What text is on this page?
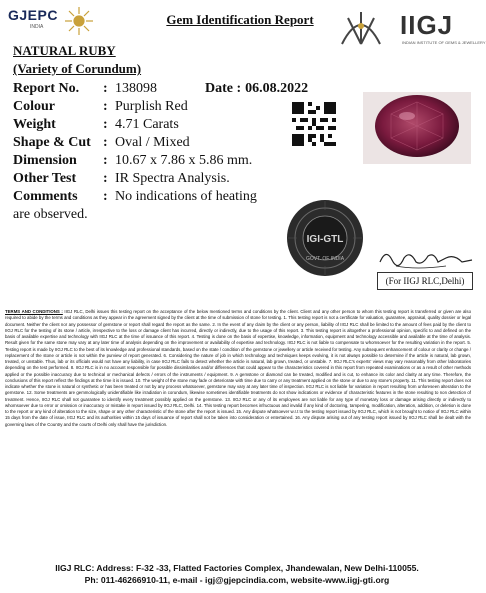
GJEPC
INDIA	Gem Identification Report	IIGJ
INDIAN INSTITUTE OF GEMS & JEWELLERY
NATURAL RUBY
(Variety of Corundum)
Report No.	: 138098	Date : 06.08.2022
Colour	: Purplish Red
Weight	: 4.71 Carats
Shape & Cut : Oval / Mixed
Dimension	: 10.67 x 7.86 x 5.86 mm.
Other Test	: IR Spectra Analysis.
Comments	: No indications of heating
are observed.
IGI-GTL
GOVT. OF INDIA
(For IIGJ RLC,Delhi)
TERMS AND CONDITIONS : IIGJ RLC, Delhi issues this testing report on the acceptance of the below mentioned terms and conditions by the client. Client and any other person to whom this testing report is transferred or given are also required to abide by the terms and conditions as they appear in the agreement signed by the client at the time of submission of stone for testing. 1. This testing report is not a certificate for valuation, guarantee, appraisal, quality dossier or legal document. Neither the client nor any possessor of gemstone or report shall regard the report as the same. 2. In the event of any claim by the client or any person, liability of IIGJ RLC shall be limited to the amount of fees paid by the client to IIGJ RLC for the testing of its stone / article, irrespective to the loss or damage client has incurred, directly or indirectly, due to the usage of this report. 3. This testing report is altogether a professional opinion, specific to and defined on the basis of available expertise and technology with IIGJ RLC at the time of issuance of this report. 4. Testing is done on the basis of expertise, knowledge, information, equipment and technology accessible and available at the time of analysis. Result given for the same stone may vary at any later time of analysis depending on the improvement or availability of expertise and technology. IIGJ RLC is not liable to compensate to whomsoever for the resulting variation in the report. 5. Testing report is made by IIGJ RLC to the best of its knowledge and professional standards, based on the state / condition of the gemstone or jewellery or article received for testing. Any subsequent enhancement of colour or clarity or change / replacement of the stone or article is not within the purview of report generated. 6. Considering the nature of job in which technology and techniques keeps evolving, it is not always possible to determine if the article is natural, lab grown, treated, or unstable. Thus, lab or its officials would not have any liability, in case IIGJ RLC fails to detect whether the article is natural, lab grown, treated, or unstable. 7. IIGJ RLC's experts' views may vary reasonably from other laboratories depending on the test performed. 8. IIGJ RLC is in no account responsible for possible dissimilarities and/or differences that could appear to the characteristics covered in this report from repeated examinations or as a result of other methods applied or the possible inaccuracy due to technical or mechanical defects / errors of the instruments / equipment. 9. A gemstone or diamond can be treated, modified and is cut, to enhance its color and clarity at any time. Therefore, the conclusions of this report reflect the findings at the time it is issued. 10. The weight of the stone may fade or deteriorate with time due to carry or any treatment applied on the stone or due to any stone's property. 11. This testing report does not indicate whether the stone is natural or synthetic or has been treated or not by any process whatsoever, gemstone may vary at any later time of inspection. IIGJ RLC is not liable for variation in report resulting from unforeseen alteration to the gemstone. 12. Some treatments are gemmologically unidentifiable like irradiation in corundum, likewise sometimes identifiable treatments do not show indications or evidence of characteristic features in the stone resulting to non detection of treatment. Hence, IIGJ RLC shall not guarantee to identify every treatment possibly applied on the gemstone. 13. IIGJ RLC or any of its employees are not liable for any type of monetary loss or damage arising directly or indirectly to whomsoever due to error or omission or inaccuracy or mistake in report issued by IIGJ RLC, Delhi. 14. This testing report becomes infructuous and invalid if any kind of doctoring, tampering, modification, alteration, addition, or deletion is done to the report or any kind of alteration to the size, shape or any other characteristic of the stone after the report is issued. 15. Any dispute whatsoever w.r.t to the testing report issued by IIGJ RLC, which is not brought to notice of IIGJ RLC within 15 days from the date of issue, IIGJ RLC and its authorities within 15 days of issuance of report shall not be taken into consideration or entertained. 16. Any dispute arising out of any testing report issued by IIGJ RLC shall be dealt with the governing laws of the Country and the courts of Delhi only shall have the jurisdiction.
IIGJ RLC: Address: F-32 -33, Flatted Factories Complex, Jhandewalan, New Delhi-110055.
Ph: 011-46266910-11, e-mail - igj@gjepcindia.com, website-www.iigj-gti.org
